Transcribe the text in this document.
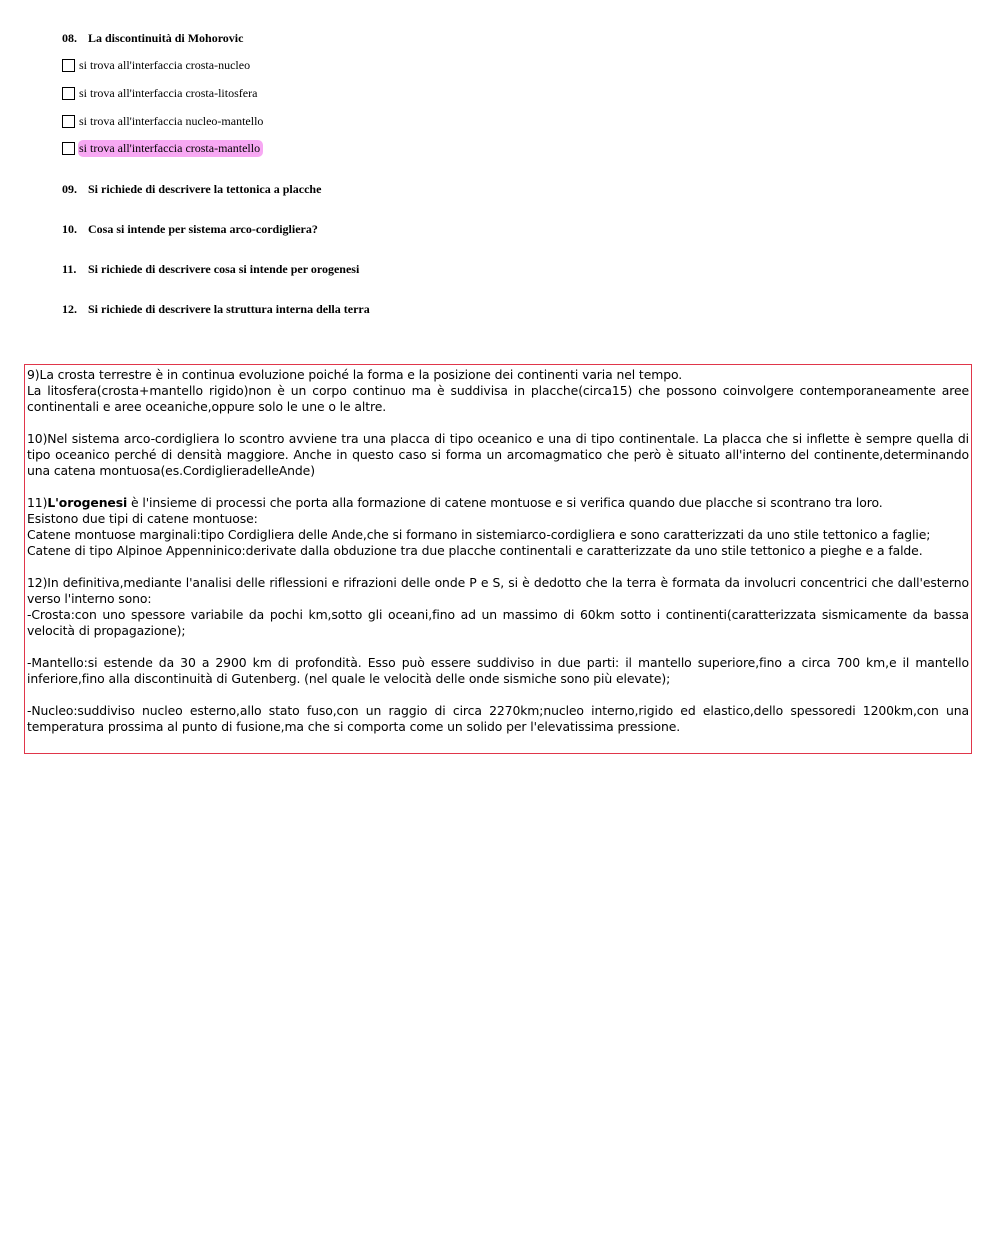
08. La discontinuità di Mohorovic
si trova all'interfaccia crosta-nucleo
si trova all'interfaccia crosta-litosfera
si trova all'interfaccia nucleo-mantello
si trova all'interfaccia crosta-mantello
09. Si richiede di descrivere la tettonica a placche
10. Cosa si intende per sistema arco-cordigliera?
11. Si richiede di descrivere cosa si intende per orogenesi
12. Si richiede di descrivere la struttura interna della terra

9)La crosta terrestre è in continua evoluzione poiché la forma e la posizione dei continenti varia nel tempo.

La litosfera(crosta+mantello rigido)non è un corpo continuo ma è suddivisa in placche(circa15) che possono coinvolgere contemporaneamente aree continentali e aree oceaniche,oppure solo le une o le altre.

10)Nel sistema arco-cordigliera lo scontro avviene tra una placca di tipo oceanico e una di tipo continentale. La placca che si inflette è sempre quella di tipo oceanico perché di densità maggiore. Anche in questo caso si forma un arcomagmatico che però è situato all'interno del continente,determinando una catena montuosa(es.CordiglieradelleAnde)

11)L'orogenesi è l'insieme di processi che porta alla formazione di catene montuose e si verifica quando due placche si scontrano tra loro.

Esistono due tipi di catene montuose:

Catene montuose marginali:tipo Cordigliera delle Ande,che si formano in sistemiarco-cordigliera e sono caratterizzati da uno stile tettonico a faglie;

Catene di tipo Alpinoe Appenninico:derivate dalla obduzione tra due placche continentali e caratterizzate da uno stile tettonico a pieghe e a falde.

12)In definitiva,mediante l'analisi delle riflessioni e rifrazioni delle onde P e S, si è dedotto che la terra è formata da involucri concentrici che dall'esterno verso l'interno sono:

-Crosta:con uno spessore variabile da pochi km,sotto gli oceani,fino ad un massimo di 60km sotto i continenti(caratterizzata sismicamente da bassa velocità di propagazione);

-Mantello:si estende da 30 a 2900 km di profondità. Esso può essere suddiviso in due parti: il mantello superiore,fino a circa 700 km,e il mantello inferiore,fino alla discontinuità di Gutenberg. (nel quale le velocità delle onde sismiche sono più elevate);

-Nucleo:suddiviso nucleo esterno,allo stato fuso,con un raggio di circa 2270km;nucleo interno,rigido ed elastico,dello spessoredi 1200km,con una temperatura prossima al punto di fusione,ma che si comporta come un solido per l'elevatissima pressione.
